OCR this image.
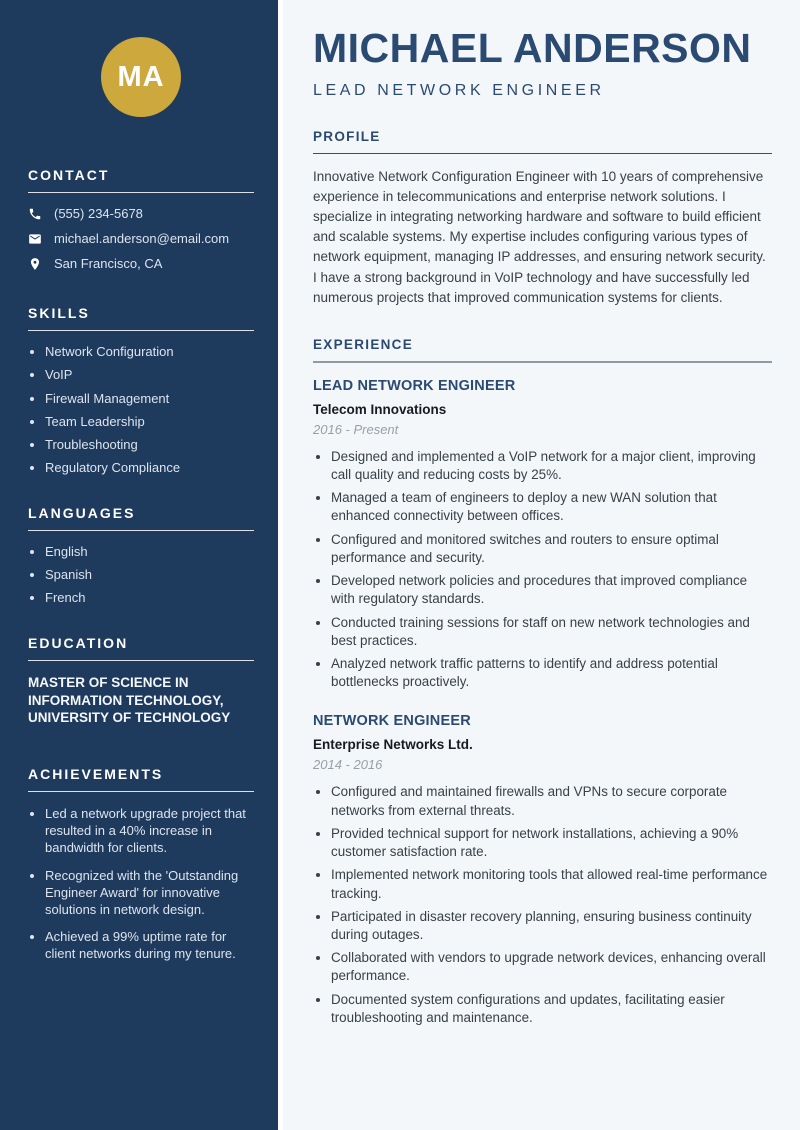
MA
CONTACT
(555) 234-5678
michael.anderson@email.com
San Francisco, CA
SKILLS
• Network Configuration
• VoIP
• Firewall Management
• Team Leadership
• Troubleshooting
• Regulatory Compliance
LANGUAGES
• English
• Spanish
• French
EDUCATION

MASTER OF SCIENCE IN INFORMATION TECHNOLOGY, UNIVERSITY OF TECHNOLOGY

ACHIEVEMENTS
• Led a network upgrade project that resulted in a 40% increase in bandwidth for clients.
• Recognized with the 'Outstanding Engineer Award' for innovative solutions in network design.
• Achieved a 99% uptime rate for client networks during my tenure.
MICHAEL ANDERSON
LEAD NETWORK ENGINEER
PROFILE

Innovative Network Configuration Engineer with 10 years of comprehensive experience in telecommunications and enterprise network solutions. I specialize in integrating networking hardware and software to build efficient and scalable systems. My expertise includes configuring various types of network equipment, managing IP addresses, and ensuring network security. I have a strong background in VoIP technology and have successfully led numerous projects that improved communication systems for clients.

EXPERIENCE
LEAD NETWORK ENGINEER
Telecom Innovations
2016 - Present
• Designed and implemented a VoIP network for a major client, improving call quality and reducing costs by 25%.
• Managed a team of engineers to deploy a new WAN solution that enhanced connectivity between offices.
• Configured and monitored switches and routers to ensure optimal performance and security.
• Developed network policies and procedures that improved compliance with regulatory standards.
• Conducted training sessions for staff on new network technologies and best practices.
• Analyzed network traffic patterns to identify and address potential bottlenecks proactively.
NETWORK ENGINEER
Enterprise Networks Ltd.
2014 - 2016
• Configured and maintained firewalls and VPNs to secure corporate networks from external threats.
• Provided technical support for network installations, achieving a 90% customer satisfaction rate.
• Implemented network monitoring tools that allowed real-time performance tracking.
• Participated in disaster recovery planning, ensuring business continuity during outages.
• Collaborated with vendors to upgrade network devices, enhancing overall performance.
• Documented system configurations and updates, facilitating easier troubleshooting and maintenance.
